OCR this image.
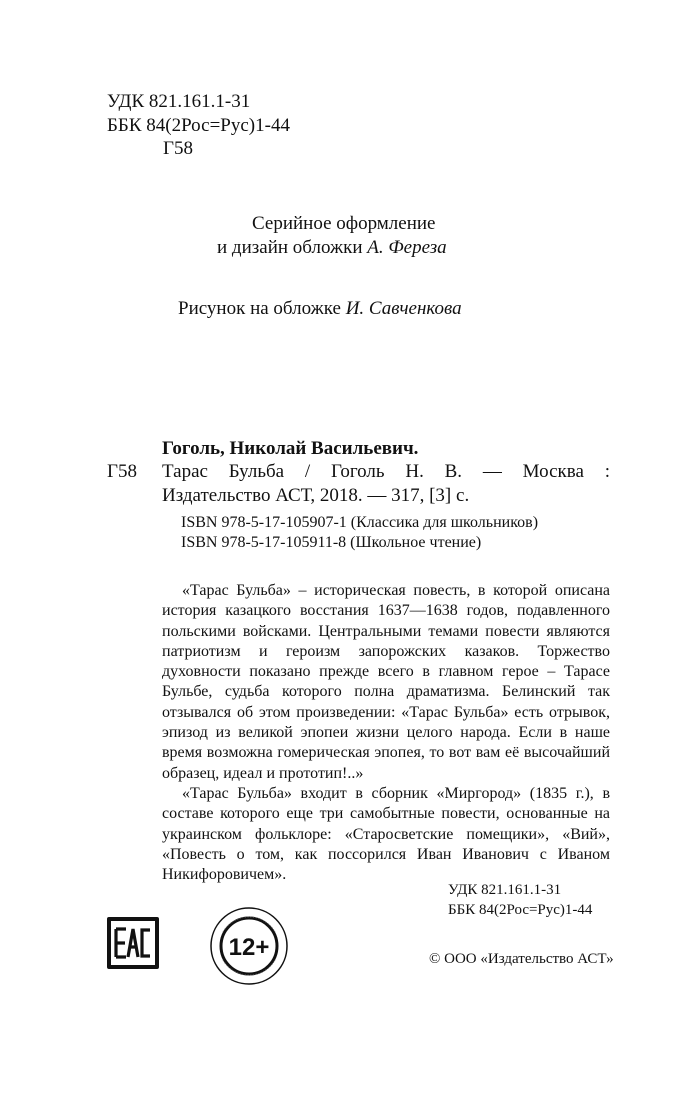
УДК 821.161.1-31
ББК 84(2Рос=Рус)1-44
Г58
Серийное оформление
и дизайн обложки А. Фереза
Рисунок на обложке И. Савченкова
Гоголь, Николай Васильевич.
Г58 Тарас Бульба / Гоголь Н. В. — Москва :
Издательство АСТ, 2018. — 317, [3] с.
ISBN 978-5-17-105907-1 (Классика для школьников)
ISBN 978-5-17-105911-8 (Школьное чтение)

«Тарас Бульба» – историческая повесть, в которой описана история казацкого восстания 1637—1638 годов, подавленного польскими войсками. Центральными темами повести являются патриотизм и героизм запорожских казаков. Торжество духовности показано прежде всего в главном герое – Тарасе Бульбе, судьба которого полна драматизма. Белинский так отзывался об этом произведении: «Тарас Бульба» есть отрывок, эпизод из великой эпопеи жизни целого народа. Если в наше время возможна гомерическая эпопея, то вот вам её высочайший образец, идеал и прототип!..»

«Тарас Бульба» входит в сборник «Миргород» (1835 г.), в составе которого еще три самобытные повести, основанные на украинском фольклоре: «Старосветские помещики», «Вий», «Повесть о том, как поссорился Иван Иванович с Иваном Никифоровичем».

УДК 821.161.1-31
ББК 84(2Рос=Рус)1-44
12+	© ООО «Издательство АСТ»
